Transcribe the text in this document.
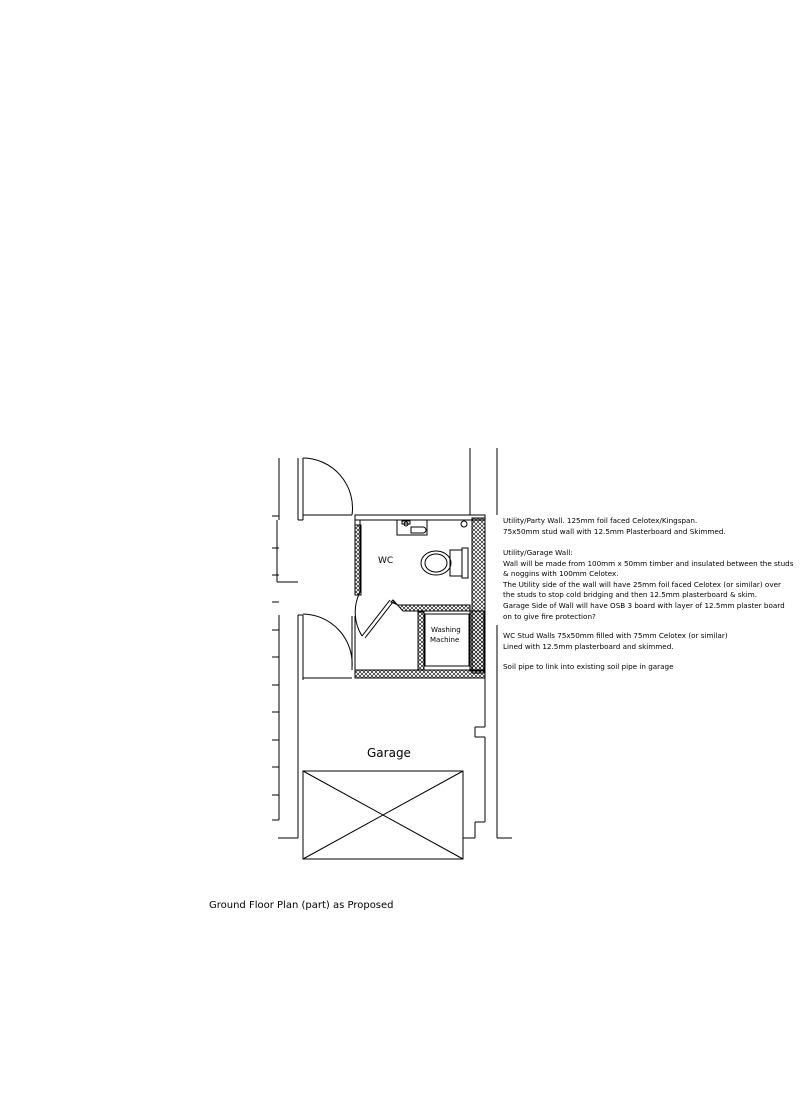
WC
Washing
Machine
Garage

Utility/Party Wall. 125mm foil faced Celotex/Kingspan.

75x50mm stud wall with 12.5mm Plasterboard and Skimmed.

Utility/Garage Wall:

Wall will be made from 100mm x 50mm timber and insulated between the studs & noggins with 100mm Celotex.

The Utility side of the wall will have 25mm foil faced Celotex (or similar) over the studs to stop cold bridging and then 12.5mm plasterboard & skim.

Garage Side of Wall will have OSB 3 board with layer of 12.5mm plaster board on to give fire protection?

WC Stud Walls 75x50mm filled with 75mm Celotex (or similar)

Lined with 12.5mm plasterboard and skimmed.

Soil pipe to link into existing soil pipe in garage

Ground Floor Plan (part) as Proposed
